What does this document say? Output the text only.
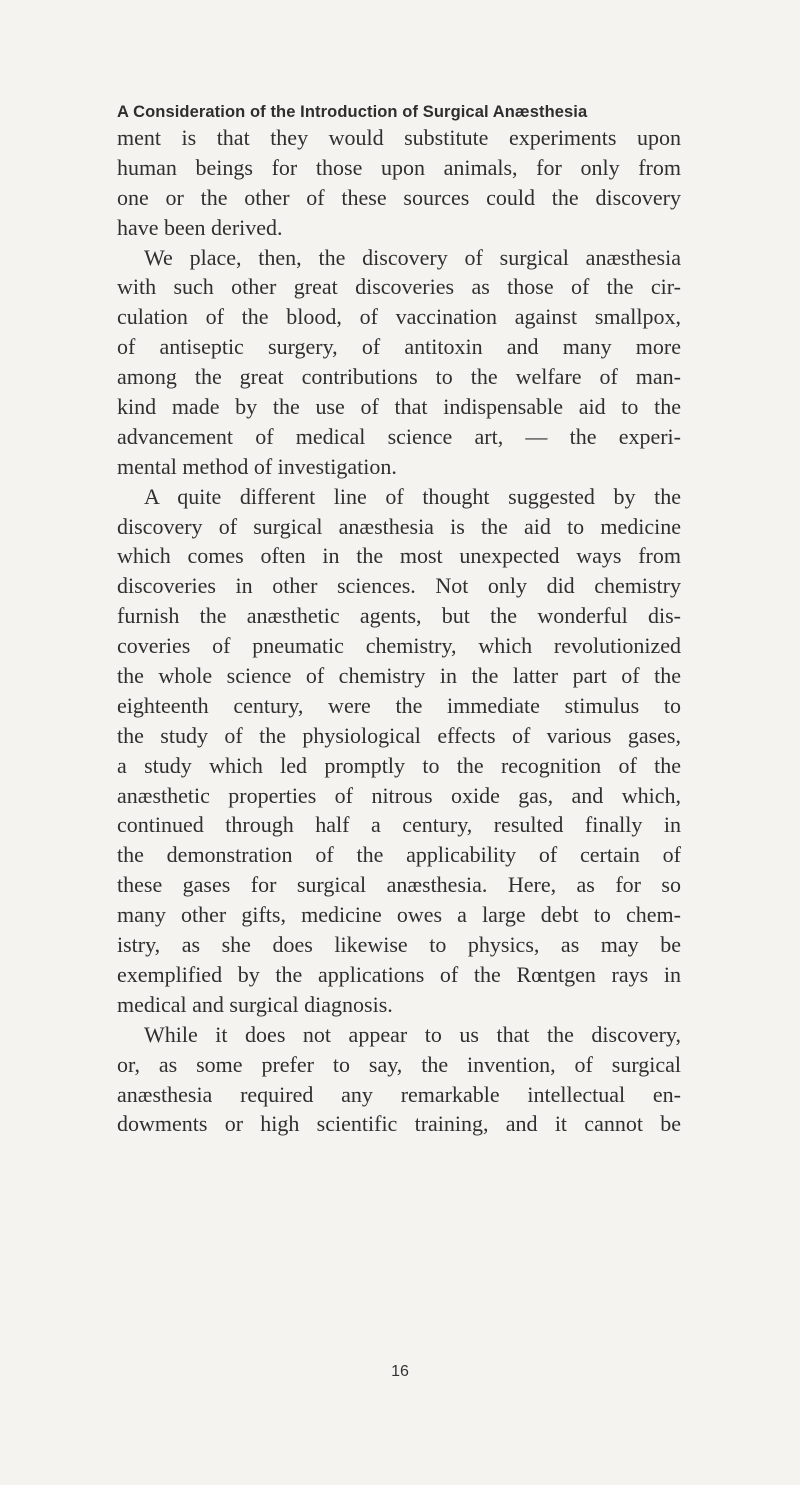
A Consideration of the Introduction of Surgical Anæsthesia
ment is that they would substitute experiments upon
human beings for those upon animals, for only from
one or the other of these sources could the discovery
have been derived.
We place, then, the discovery of surgical anæsthesia
with such other great discoveries as those of the cir-
culation of the blood, of vaccination against smallpox,
of antiseptic surgery, of antitoxin and many more
among the great contributions to the welfare of man-
kind made by the use of that indispensable aid to the
advancement of medical science art, — the experi-
mental method of investigation.
A quite different line of thought suggested by the
discovery of surgical anæsthesia is the aid to medicine
which comes often in the most unexpected ways from
discoveries in other sciences. Not only did chemistry
furnish the anæsthetic agents, but the wonderful dis-
coveries of pneumatic chemistry, which revolutionized
the whole science of chemistry in the latter part of the
eighteenth century, were the immediate stimulus to
the study of the physiological effects of various gases,
a study which led promptly to the recognition of the
anæsthetic properties of nitrous oxide gas, and which,
continued through half a century, resulted finally in
the demonstration of the applicability of certain of
these gases for surgical anæsthesia. Here, as for so
many other gifts, medicine owes a large debt to chem-
istry, as she does likewise to physics, as may be
exemplified by the applications of the Rœntgen rays in
medical and surgical diagnosis.
While it does not appear to us that the discovery,
or, as some prefer to say, the invention, of surgical
anæsthesia required any remarkable intellectual en-
dowments or high scientific training, and it cannot be
16
